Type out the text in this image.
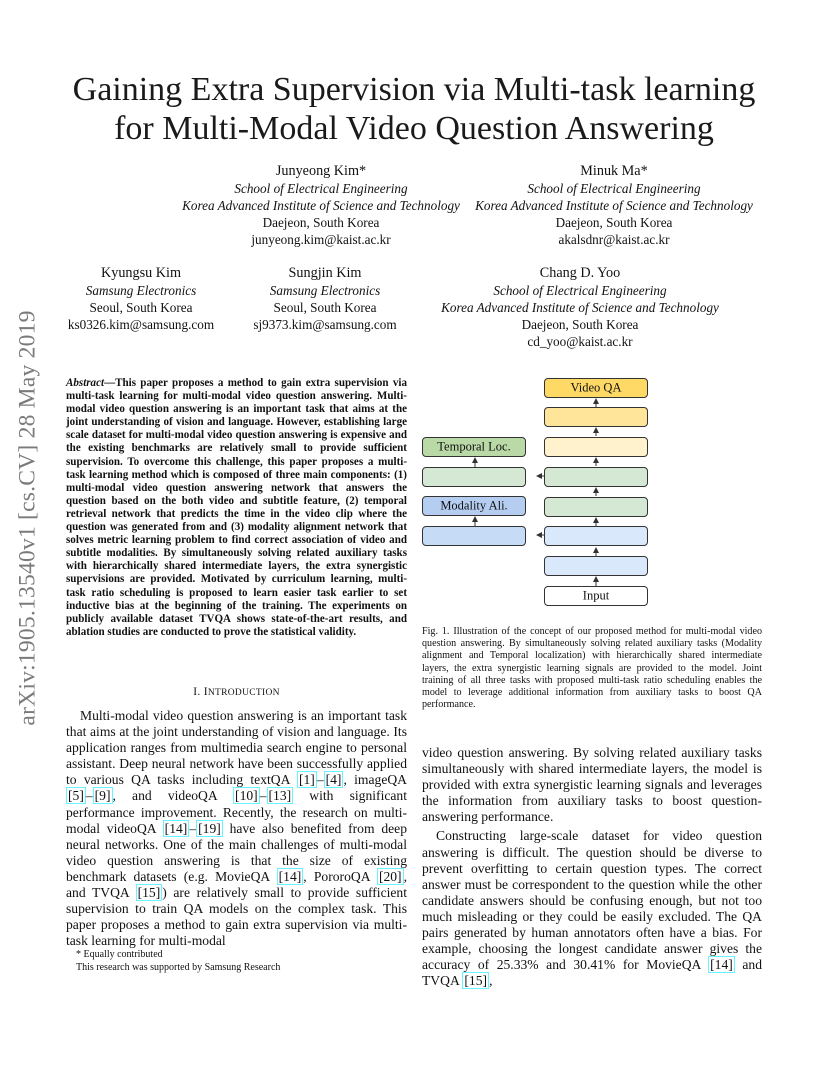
arXiv:1905.13540v1 [cs.CV] 28 May 2019
Gaining Extra Supervision via Multi-task learning
for Multi-Modal Video Question Answering
Junyeong Kim*
School of Electrical Engineering
Korea Advanced Institute of Science and Technology
Daejeon, South Korea
junyeong.kim@kaist.ac.kr
Minuk Ma*
School of Electrical Engineering
Korea Advanced Institute of Science and Technology
Daejeon, South Korea
akalsdnr@kaist.ac.kr
Kyungsu Kim
Samsung Electronics
Seoul, South Korea
ks0326.kim@samsung.com
Sungjin Kim
Samsung Electronics
Seoul, South Korea
sj9373.kim@samsung.com
Chang D. Yoo
School of Electrical Engineering
Korea Advanced Institute of Science and Technology
Daejeon, South Korea
cd_yoo@kaist.ac.kr
Abstract—This paper proposes a method to gain extra supervision via multi-task learning for multi-modal video question answering. Multi-modal video question answering is an important task that aims at the joint understanding of vision and language. However, establishing large scale dataset for multi-modal video question answering is expensive and the existing benchmarks are relatively small to provide sufficient supervision. To overcome this challenge, this paper proposes a multi-task learning method which is composed of three main components: (1) multi-modal video question answering network that answers the question based on the both video and subtitle feature, (2) temporal retrieval network that predicts the time in the video clip where the question was generated from and (3) modality alignment network that solves metric learning problem to find correct association of video and subtitle modalities. By simultaneously solving related auxiliary tasks with hierarchically shared intermediate layers, the extra synergistic supervisions are provided. Motivated by curriculum learning, multi-task ratio scheduling is proposed to learn easier task earlier to set inductive bias at the beginning of the training. The experiments on publicly available dataset TVQA shows state-of-the-art results, and ablation studies are conducted to prove the statistical validity.
I. INTRODUCTION

Multi-modal video question answering is an important task that aims at the joint understanding of vision and language. Its application ranges from multimedia search engine to personal assistant. Deep neural network have been successfully applied to various QA tasks including textQA [1] – [4] , imageQA [5] – [9] , and videoQA [10] – [13] with significant performance improvement. Recently, the research on multi-modal videoQA [14] – [19] have also benefited from deep neural networks. One of the main challenges of multi-modal video question answering is that the size of existing benchmark datasets (e.g. MovieQA [14] , PororoQA [20] , and TVQA [15] ) are relatively small to provide sufficient supervision to train QA models on the complex task. This paper proposes a method to gain extra supervision via multi-task learning for multi-modal

* Equally contributed
This research was supported by Samsung Research
Video QA
Input
Temporal Loc.
Modality Ali.
Fig. 1. Illustration of the concept of our proposed method for multi-modal video question answering. By simultaneously solving related auxiliary tasks (Modality alignment and Temporal localization) with hierarchically shared intermediate layers, the extra synergistic learning signals are provided to the model. Joint training of all three tasks with proposed multi-task ratio scheduling enables the model to leverage additional information from auxiliary tasks to boost QA performance.

video question answering. By solving related auxiliary tasks simultaneously with shared intermediate layers, the model is provided with extra synergistic learning signals and leverages the information from auxiliary tasks to boost question-answering performance.

Constructing large-scale dataset for video question answering is difficult. The question should be diverse to prevent overfitting to certain question types. The correct answer must be correspondent to the question while the other candidate answers should be confusing enough, but not too much misleading or they could be easily excluded. The QA pairs generated by human annotators often have a bias. For example, choosing the longest candidate answer gives the accuracy of 25.33% and 30.41% for MovieQA [14] and TVQA [15] ,
